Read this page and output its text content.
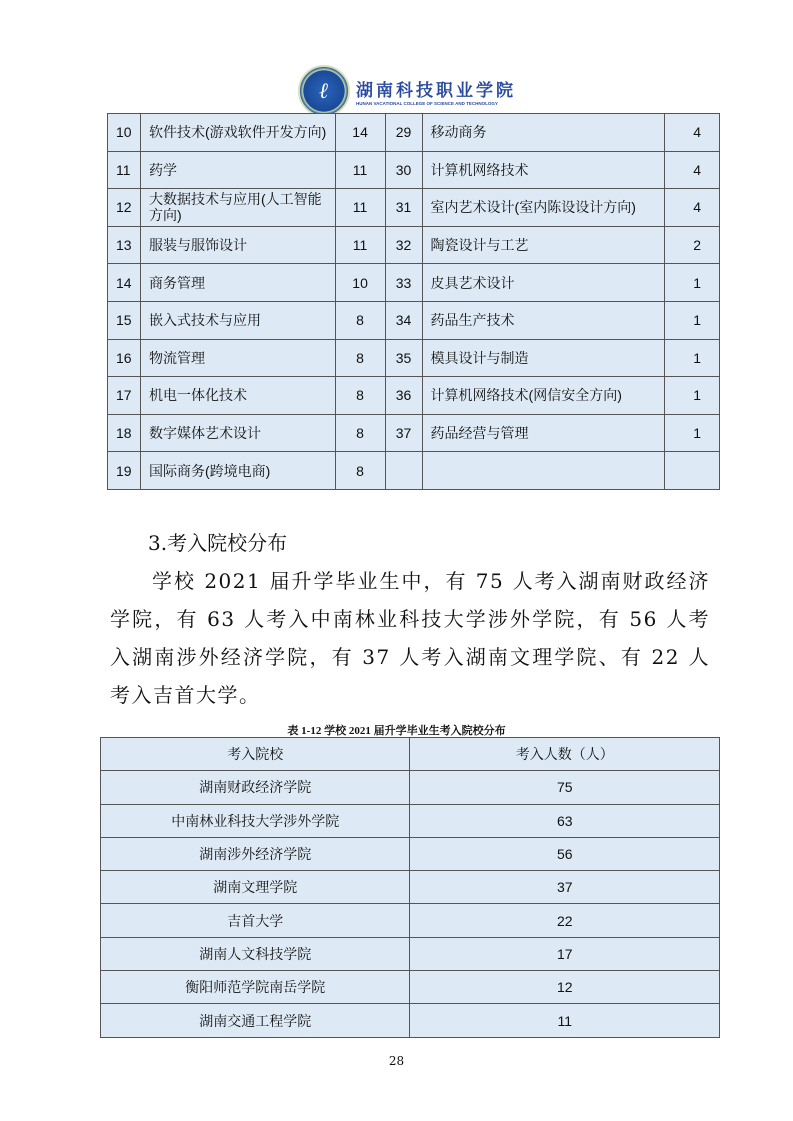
ℓ	湖南科技职业学院
HUNAN VACATIONAL COLLEGE OF SCIENCE AND TECHNOLOGY
10	软件技术(游戏软件开发方向)	14	29	移动商务	4
11	药学	11	30	计算机网络技术	4
12	大数据技术与应用(人工智能方向)	11	31	室内艺术设计(室内陈设设计方向)	4
13	服装与服饰设计	11	32	陶瓷设计与工艺	2
14	商务管理	10	33	皮具艺术设计	1
15	嵌入式技术与应用	8	34	药品生产技术	1
16	物流管理	8	35	模具设计与制造	1
17	机电一体化技术	8	36	计算机网络技术(网信安全方向)	1
18	数字媒体艺术设计	8	37	药品经营与管理	1
19	国际商务(跨境电商)	8			
3.考入院校分布
学校 2021 届升学毕业生中，有 75 人考入湖南财政经济学院，有 63 人考入中南林业科技大学涉外学院，有 56 人考入湖南涉外经济学院，有 37 人考入湖南文理学院、有 22 人考入吉首大学。
表 1-12 学校 2021 届升学毕业生考入院校分布
考入院校	考入人数（人）
湖南财政经济学院	75
中南林业科技大学涉外学院	63
湖南涉外经济学院	56
湖南文理学院	37
吉首大学	22
湖南人文科技学院	17
衡阳师范学院南岳学院	12
湖南交通工程学院	11
28
